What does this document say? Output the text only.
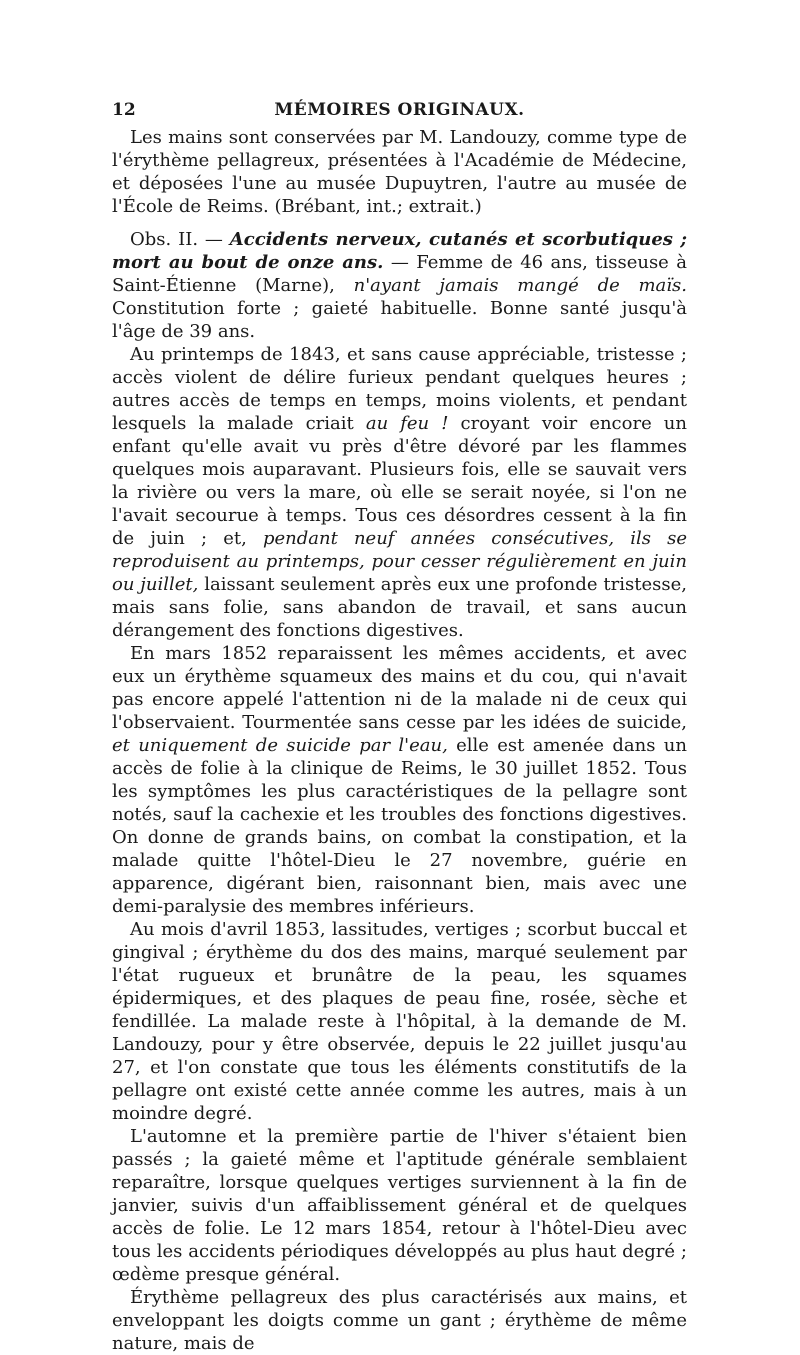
12	MÉMOIRES ORIGINAUX.

Les mains sont conservées par M. Landouzy, comme type de l'érythème pellagreux, présentées à l'Académie de Médecine, et déposées l'une au musée Dupuytren, l'autre au musée de l'École de Reims. (Brébant, int.; extrait.)

Obs. II. — Accidents nerveux, cutanés et scorbutiques ; mort au bout de onze ans. — Femme de 46 ans, tisseuse à Saint-Étienne (Marne), n'ayant jamais mangé de maïs. Constitution forte ; gaieté habituelle. Bonne santé jusqu'à l'âge de 39 ans.

Au printemps de 1843, et sans cause appréciable, tristesse ; accès violent de délire furieux pendant quelques heures ; autres accès de temps en temps, moins violents, et pendant lesquels la malade criait au feu ! croyant voir encore un enfant qu'elle avait vu près d'être dévoré par les flammes quelques mois auparavant. Plusieurs fois, elle se sauvait vers la rivière ou vers la mare, où elle se serait noyée, si l'on ne l'avait secourue à temps. Tous ces désordres cessent à la fin de juin ; et, pendant neuf années consécutives, ils se reproduisent au printemps, pour cesser régulièrement en juin ou juillet, laissant seulement après eux une profonde tristesse, mais sans folie, sans abandon de travail, et sans aucun dérangement des fonctions digestives.

En mars 1852 reparaissent les mêmes accidents, et avec eux un érythème squameux des mains et du cou, qui n'avait pas encore appelé l'attention ni de la malade ni de ceux qui l'observaient. Tourmentée sans cesse par les idées de suicide, et uniquement de suicide par l'eau, elle est amenée dans un accès de folie à la clinique de Reims, le 30 juillet 1852. Tous les symptômes les plus caractéristiques de la pellagre sont notés, sauf la cachexie et les troubles des fonctions digestives. On donne de grands bains, on combat la constipation, et la malade quitte l'hôtel-Dieu le 27 novembre, guérie en apparence, digérant bien, raisonnant bien, mais avec une demi-paralysie des membres inférieurs.

Au mois d'avril 1853, lassitudes, vertiges ; scorbut buccal et gingival ; érythème du dos des mains, marqué seulement par l'état rugueux et brunâtre de la peau, les squames épidermiques, et des plaques de peau fine, rosée, sèche et fendillée. La malade reste à l'hôpital, à la demande de M. Landouzy, pour y être observée, depuis le 22 juillet jusqu'au 27, et l'on constate que tous les éléments constitutifs de la pellagre ont existé cette année comme les autres, mais à un moindre degré.

L'automne et la première partie de l'hiver s'étaient bien passés ; la gaieté même et l'aptitude générale semblaient reparaître, lorsque quelques vertiges surviennent à la fin de janvier, suivis d'un affaiblissement général et de quelques accès de folie. Le 12 mars 1854, retour à l'hôtel-Dieu avec tous les accidents périodiques développés au plus haut degré ; œdème presque général.

Érythème pellagreux des plus caractérisés aux mains, et enveloppant les doigts comme un gant ; érythème de même nature, mais de
